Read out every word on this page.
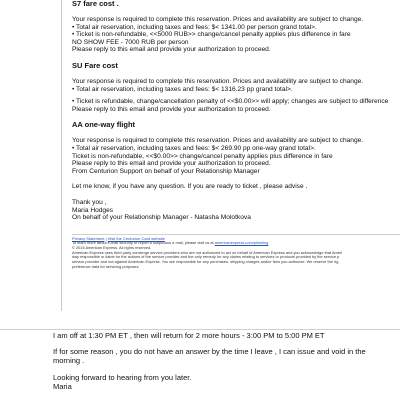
S7 fare cost .

Your response is required to complete this reservation. Prices and availability are subject to change.

• Total air reservation, including taxes and fees: $< 1341.00 per person grand total>.

• Ticket is non-refundable, <<5000 RUB>> change/cancel penalty applies plus difference in fare

NO SHOW FEE - 7000 RUB per person

Please reply to this email and provide your authorization to proceed.

SU Fare cost

Your response is required to complete this reservation. Prices and availability are subject to change.

• Total air reservation, including taxes and fees: $< 1316.23 pp grand total>.

• Ticket is refundable, change/cancellation penalty of <<$0.00>> will apply; changes are subject to difference

Please reply to this email and provide your authorization to proceed.

AA one-way flight

Your response is required to complete this reservation. Prices and availability are subject to change.

• Total air reservation, including taxes and fees: $< 269.90 pp one-way grand total>.

Ticket is non-refundable, <<$0.00>> change/cancel penalty applies plus difference in fare

Please reply to this email and provide your authorization to proceed.

From Centurion Support on behalf of your Relationship Manager

Let me know, if you have any question. If you are ready to ticket , please advise .

Thank you ,

Maria Hodges

On behalf of your Relationship Manager - Natasha Molotkova

Privacy Statement | Visit the Centurion Card website
To learn more about e-mail security or report a suspicious e-mail, please visit us at americanexpress.com/phishing
© 2015 American Express. All rights reserved.
American Express uses third party concierge service providers who are not authorized to act on behalf of American Express and you acknowledge that Ameri
way responsible or liable for the actions of the service provider and the only remedy for any claims relating to services or products provided by the service p
service provider and not against American Express. You are responsible for any purchases, shipping charges and/or fees you authorize. We reserve the rig
preference data for servicing purposes.

I am off at 1:30 PM ET , then will return for 2 more hours - 3:00 PM to 5:00 PM ET

If for some reason , you do not have an answer by the time I leave , I can issue and void in the

morning .

Looking forward to hearing from you later.

Maria
